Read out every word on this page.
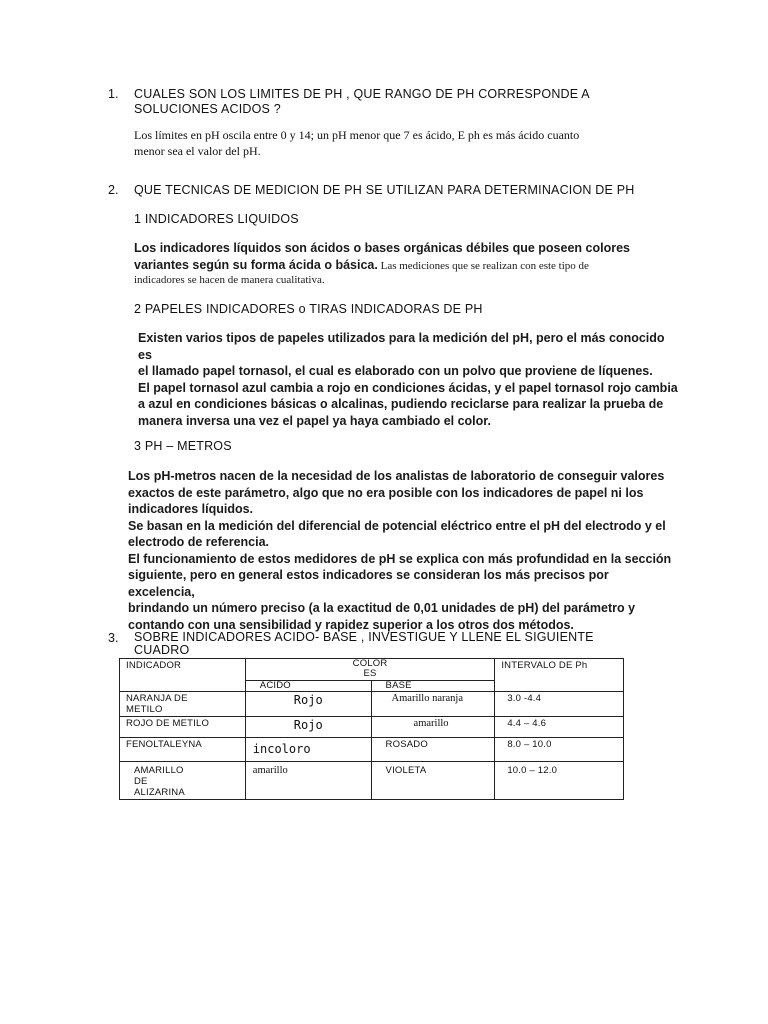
1. CUALES SON LOS LIMITES DE PH , QUE RANGO DE PH CORRESPONDE A
SOLUCIONES ACIDOS ?
Los límites en pH oscila entre 0 y 14; un pH menor que 7 es ácido, E ph es más ácido cuanto
menor sea el valor del pH.
2. QUE TECNICAS DE MEDICION DE PH SE UTILIZAN PARA DETERMINACION DE PH
1 INDICADORES LIQUIDOS
Los indicadores líquidos son ácidos o bases orgánicas débiles que poseen colores
variantes según su forma ácida o básica. Las mediciones que se realizan con este tipo de
indicadores se hacen de manera cualitativa.
2 PAPELES INDICADORES o TIRAS INDICADORAS DE PH
Existen varios tipos de papeles utilizados para la medición del pH, pero el más conocido es
el llamado papel tornasol, el cual es elaborado con un polvo que proviene de líquenes.
El papel tornasol azul cambia a rojo en condiciones ácidas, y el papel tornasol rojo cambia
a azul en condiciones básicas o alcalinas, pudiendo reciclarse para realizar la prueba de
manera inversa una vez el papel ya haya cambiado el color.
3 PH – METROS
Los pH-metros nacen de la necesidad de los analistas de laboratorio de conseguir valores
exactos de este parámetro, algo que no era posible con los indicadores de papel ni los
indicadores líquidos.
Se basan en la medición del diferencial de potencial eléctrico entre el pH del electrodo y el
electrodo de referencia.
El funcionamiento de estos medidores de pH se explica con más profundidad en la sección
siguiente, pero en general estos indicadores se consideran los más precisos por excelencia,
brindando un número preciso (a la exactitud de 0,01 unidades de pH) del parámetro y
contando con una sensibilidad y rapidez superior a los otros dos métodos.
3. SOBRE INDICADORES ACIDO- BASE , INVESTIGUE Y LLENE EL SIGUIENTE
CUADRO
INDICADOR	COLOR
ES		INTERVALO DE Ph
	ACIDO	BASE	

NARANJA DE
METILO	Rojo	Amarillo naranja	3.0 -4.4
ROJO DE METILO	Rojo	amarillo	4.4 – 4.6
FENOLTALEYNA	incoloro	ROSADO	8.0 – 10.0

AMARILLO
DE
ALIZARINA	amarillo	VIOLETA	10.0 – 12.0
